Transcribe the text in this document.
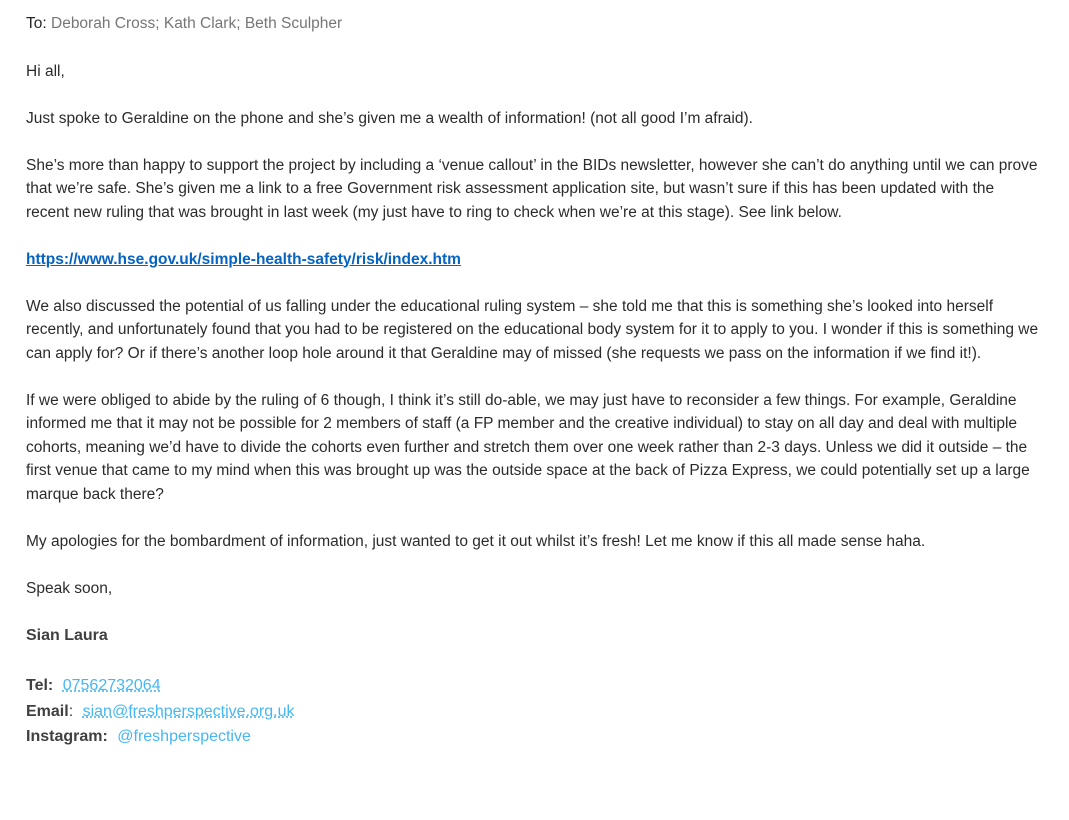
To: Deborah Cross; Kath Clark; Beth Sculpher

Hi all,

Just spoke to Geraldine on the phone and she’s given me a wealth of information! (not all good I’m afraid).

She’s more than happy to support the project by including a ‘venue callout’ in the BIDs newsletter, however she can’t do anything until we can prove that we’re safe. She’s given me a link to a free Government risk assessment application site, but wasn’t sure if this has been updated with the recent new ruling that was brought in last week (my just have to ring to check when we’re at this stage). See link below.

https://www.hse.gov.uk/simple-health-safety/risk/index.htm

We also discussed the potential of us falling under the educational ruling system – she told me that this is something she’s looked into herself recently, and unfortunately found that you had to be registered on the educational body system for it to apply to you. I wonder if this is something we can apply for? Or if there’s another loop hole around it that Geraldine may of missed (she requests we pass on the information if we find it!).

If we were obliged to abide by the ruling of 6 though, I think it’s still do-able, we may just have to reconsider a few things. For example, Geraldine informed me that it may not be possible for 2 members of staff (a FP member and the creative individual) to stay on all day and deal with multiple cohorts, meaning we’d have to divide the cohorts even further and stretch them over one week rather than 2-3 days. Unless we did it outside – the first venue that came to my mind when this was brought up was the outside space at the back of Pizza Express, we could potentially set up a large marque back there?

My apologies for the bombardment of information, just wanted to get it out whilst it’s fresh! Let me know if this all made sense haha.

Speak soon,

Sian Laura

Tel: 07562732064
Email: sian@freshperspective.org.uk
Instagram: @freshperspective
